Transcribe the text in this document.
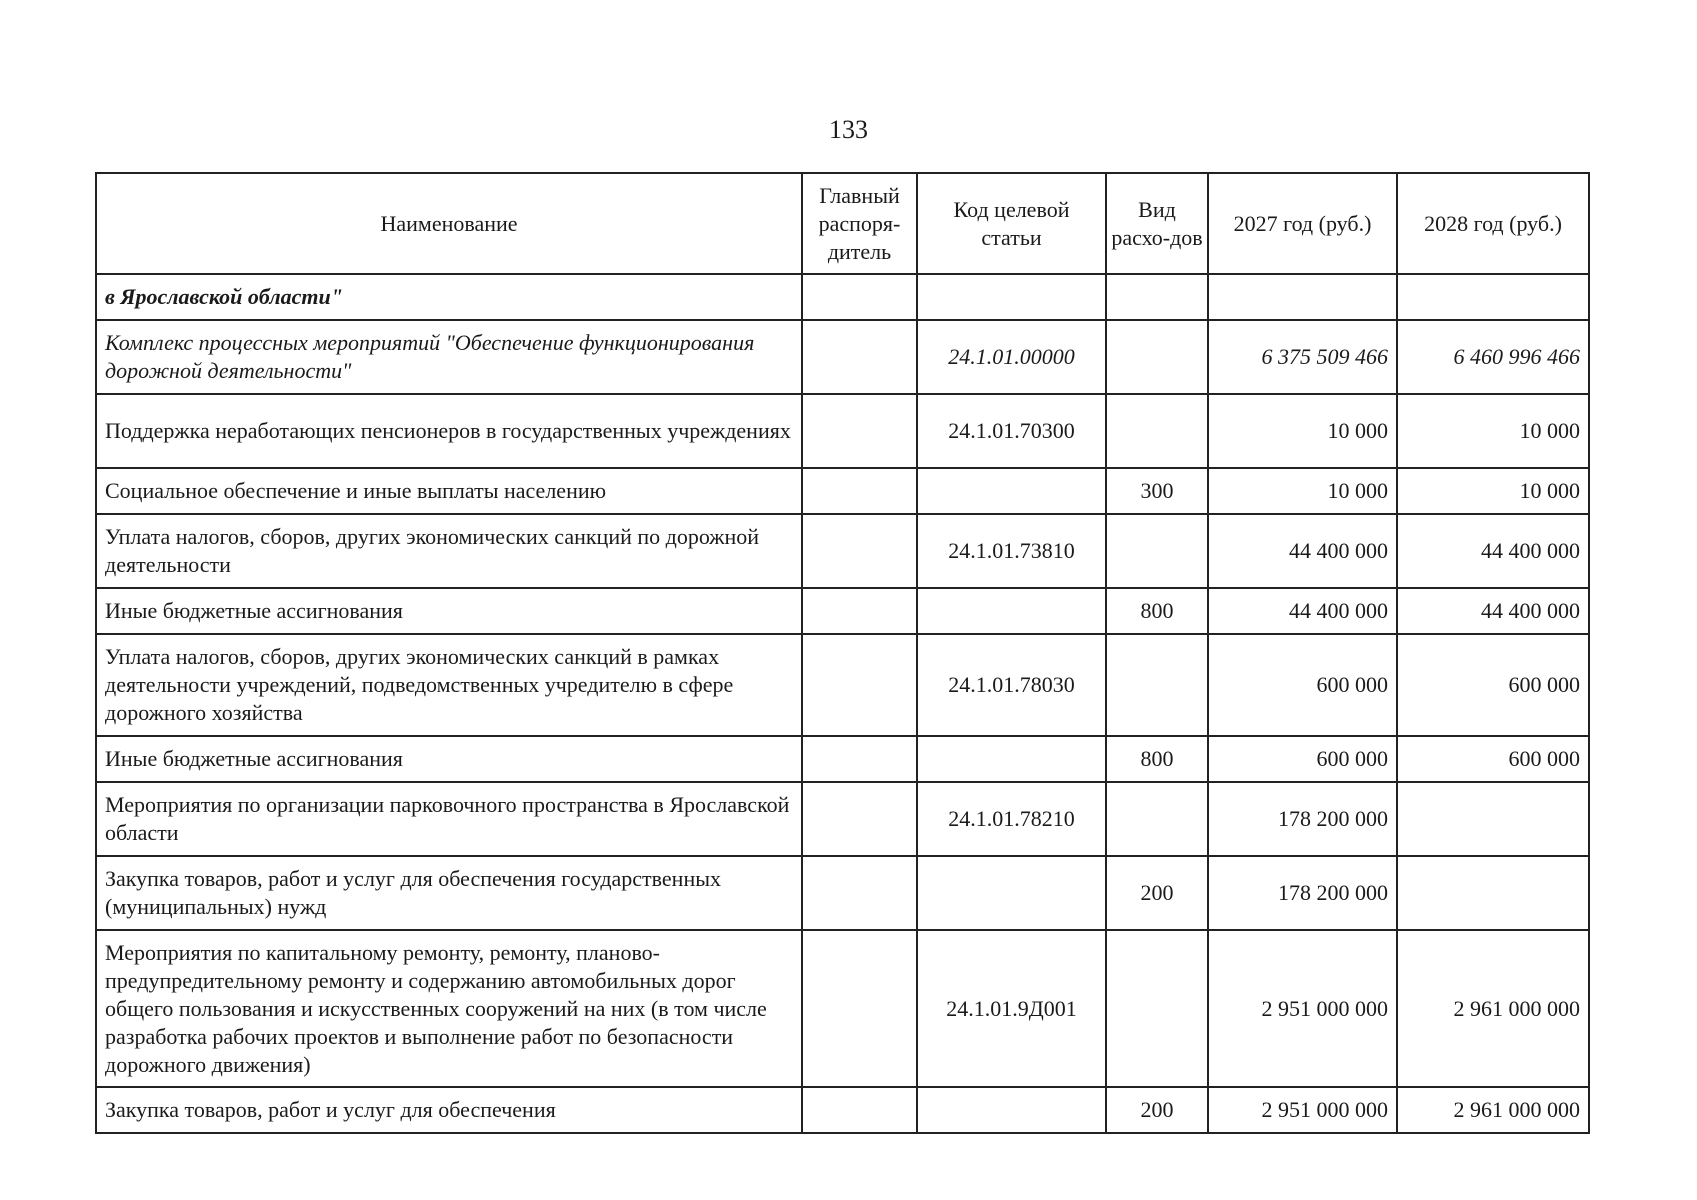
133
Наименование	Главный распоря-дитель	Код целевой статьи	Вид расхо-дов	2027 год (руб.)	2028 год (руб.)
в Ярославской области"					
Комплекс процессных мероприятий "Обеспечение функционирования дорожной деятельности"		24.1.01.00000		6 375 509 466	6 460 996 466
Поддержка неработающих пенсионеров в государственных учреждениях		24.1.01.70300		10 000	10 000
Социальное обеспечение и иные выплаты населению			300	10 000	10 000
Уплата налогов, сборов, других экономических санкций по дорожной деятельности		24.1.01.73810		44 400 000	44 400 000
Иные бюджетные ассигнования			800	44 400 000	44 400 000
Уплата налогов, сборов, других экономических санкций в рамках деятельности учреждений, подведомственных учредителю в сфере дорожного хозяйства		24.1.01.78030		600 000	600 000
Иные бюджетные ассигнования			800	600 000	600 000
Мероприятия по организации парковочного пространства в Ярославской области		24.1.01.78210		178 200 000	
Закупка товаров, работ и услуг для обеспечения государственных (муниципальных) нужд			200	178 200 000	
Мероприятия по капитальному ремонту, ремонту, планово-предупредительному ремонту и содержанию автомобильных дорог общего пользования и искусственных сооружений на них (в том числе разработка рабочих проектов и выполнение работ по безопасности дорожного движения)		24.1.01.9Д001		2 951 000 000	2 961 000 000
Закупка товаров, работ и услуг для обеспечения			200	2 951 000 000	2 961 000 000
